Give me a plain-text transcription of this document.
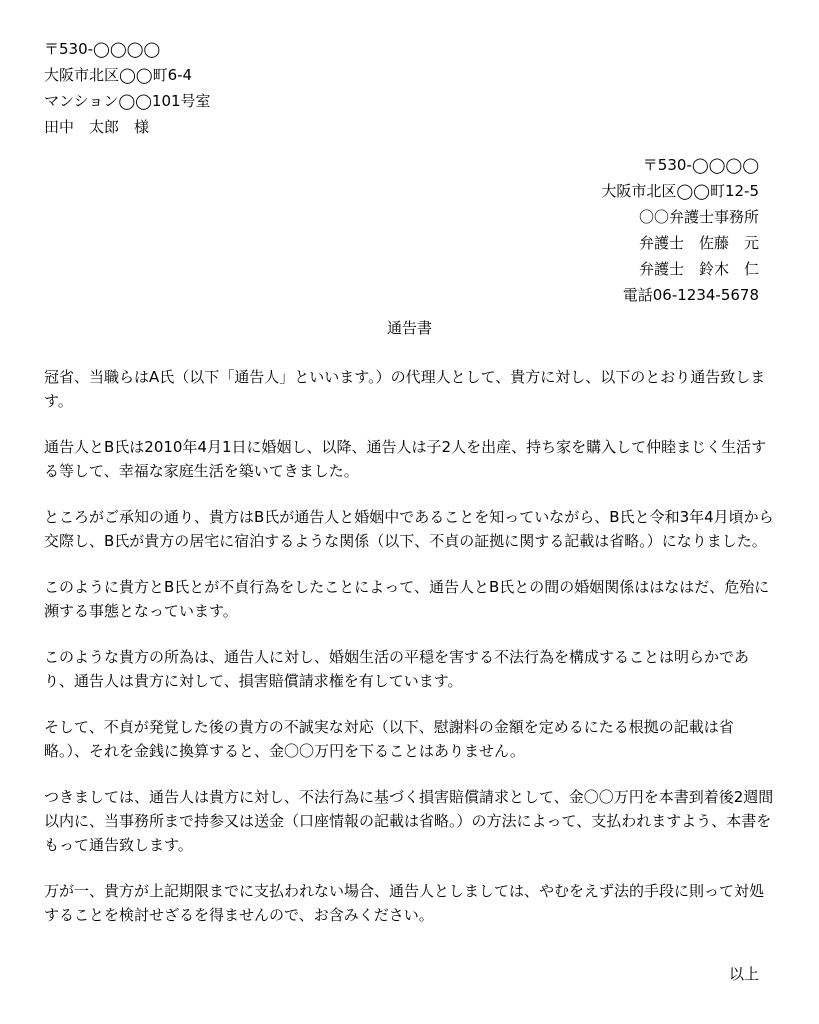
〒530-◯◯◯◯
大阪市北区◯◯町6-4
マンション◯◯101号室
田中　太郎　様
〒530-◯◯◯◯
大阪市北区◯◯町12-5
〇〇弁護士事務所
弁護士　佐藤　元
弁護士　鈴木　仁
電話06-1234-5678
通告書

冠省、当職らはA氏（以下「通告人」といいます。）の代理人として、貴方に対し、以下のとおり通告致します。

通告人とB氏は2010年4月1日に婚姻し、以降、通告人は子2人を出産、持ち家を購入して仲睦まじく生活する等して、幸福な家庭生活を築いてきました。

ところがご承知の通り、貴方はB氏が通告人と婚姻中であることを知っていながら、B氏と令和3年4月頃から交際し、B氏が貴方の居宅に宿泊するような関係（以下、不貞の証拠に関する記載は省略。）になりました。

このように貴方とB氏とが不貞行為をしたことによって、通告人とB氏との間の婚姻関係ははなはだ、危殆に瀕する事態となっています。

このような貴方の所為は、通告人に対し、婚姻生活の平穏を害する不法行為を構成することは明らかであり、通告人は貴方に対して、損害賠償請求権を有しています。

そして、不貞が発覚した後の貴方の不誠実な対応（以下、慰謝料の金額を定めるにたる根拠の記載は省略。）、それを金銭に換算すると、金〇〇万円を下ることはありません。

つきましては、通告人は貴方に対し、不法行為に基づく損害賠償請求として、金〇〇万円を本書到着後2週間以内に、当事務所まで持参又は送金（口座情報の記載は省略。）の方法によって、支払われますよう、本書をもって通告致します。

万が一、貴方が上記期限までに支払われない場合、通告人としましては、やむをえず法的手段に則って対処することを検討せざるを得ませんので、お含みください。

以上
